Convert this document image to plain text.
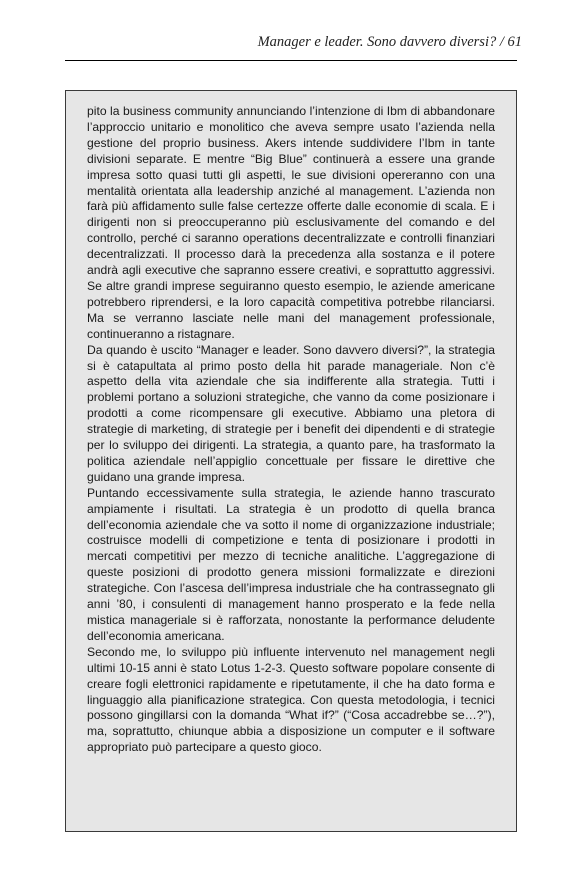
Manager e leader. Sono davvero diversi? / 61

pito la business community annunciando l’intenzione di Ibm di abbandonare l’approccio unitario e monolitico che aveva sempre usato l’azienda nella gestione del proprio business. Akers intende suddividere l’Ibm in tante divisioni separate. E mentre “Big Blue” continuerà a essere una grande impresa sotto quasi tutti gli aspetti, le sue divisioni opereranno con una mentalità orientata alla leadership anziché al management. L’azienda non farà più affidamento sulle false certezze offerte dalle economie di scala. E i dirigenti non si preoccuperanno più esclusivamente del comando e del controllo, perché ci saranno operations decentralizzate e controlli finanziari decentralizzati. Il processo darà la precedenza alla sostanza e il potere andrà agli executive che sapranno essere creativi, e soprattutto aggressivi. Se altre grandi imprese seguiranno questo esempio, le aziende americane potrebbero riprendersi, e la loro capacità competitiva potrebbe rilanciarsi. Ma se verranno lasciate nelle mani del management professionale, continueranno a ristagnare.

Da quando è uscito “Manager e leader. Sono davvero diversi?”, la strategia si è catapultata al primo posto della hit parade manageriale. Non c’è aspetto della vita aziendale che sia indifferente alla strategia. Tutti i problemi portano a soluzioni strategiche, che vanno da come posizionare i prodotti a come ricompensare gli executive. Abbiamo una pletora di strategie di marketing, di strategie per i benefit dei dipendenti e di strategie per lo sviluppo dei dirigenti. La strategia, a quanto pare, ha trasformato la politica aziendale nell’appiglio concettuale per fissare le direttive che guidano una grande impresa.

Puntando eccessivamente sulla strategia, le aziende hanno trascurato ampiamente i risultati. La strategia è un prodotto di quella branca dell’economia aziendale che va sotto il nome di organizzazione industriale; costruisce modelli di competizione e tenta di posizionare i prodotti in mercati competitivi per mezzo di tecniche analitiche. L’aggregazione di queste posizioni di prodotto genera missioni formalizzate e direzioni strategiche. Con l’ascesa dell’impresa industriale che ha contrassegnato gli anni ’80, i consulenti di management hanno prosperato e la fede nella mistica manageriale si è rafforzata, nonostante la performance deludente dell’economia americana.

Secondo me, lo sviluppo più influente intervenuto nel management negli ultimi 10-15 anni è stato Lotus 1-2-3. Questo software popolare consente di creare fogli elettronici rapidamente e ripetutamente, il che ha dato forma e linguaggio alla pianificazione strategica. Con questa metodologia, i tecnici possono gingillarsi con la domanda “What if?” (“Cosa accadrebbe se…?”), ma, soprattutto, chiunque abbia a disposizione un computer e il software appropriato può partecipare a questo gioco.
